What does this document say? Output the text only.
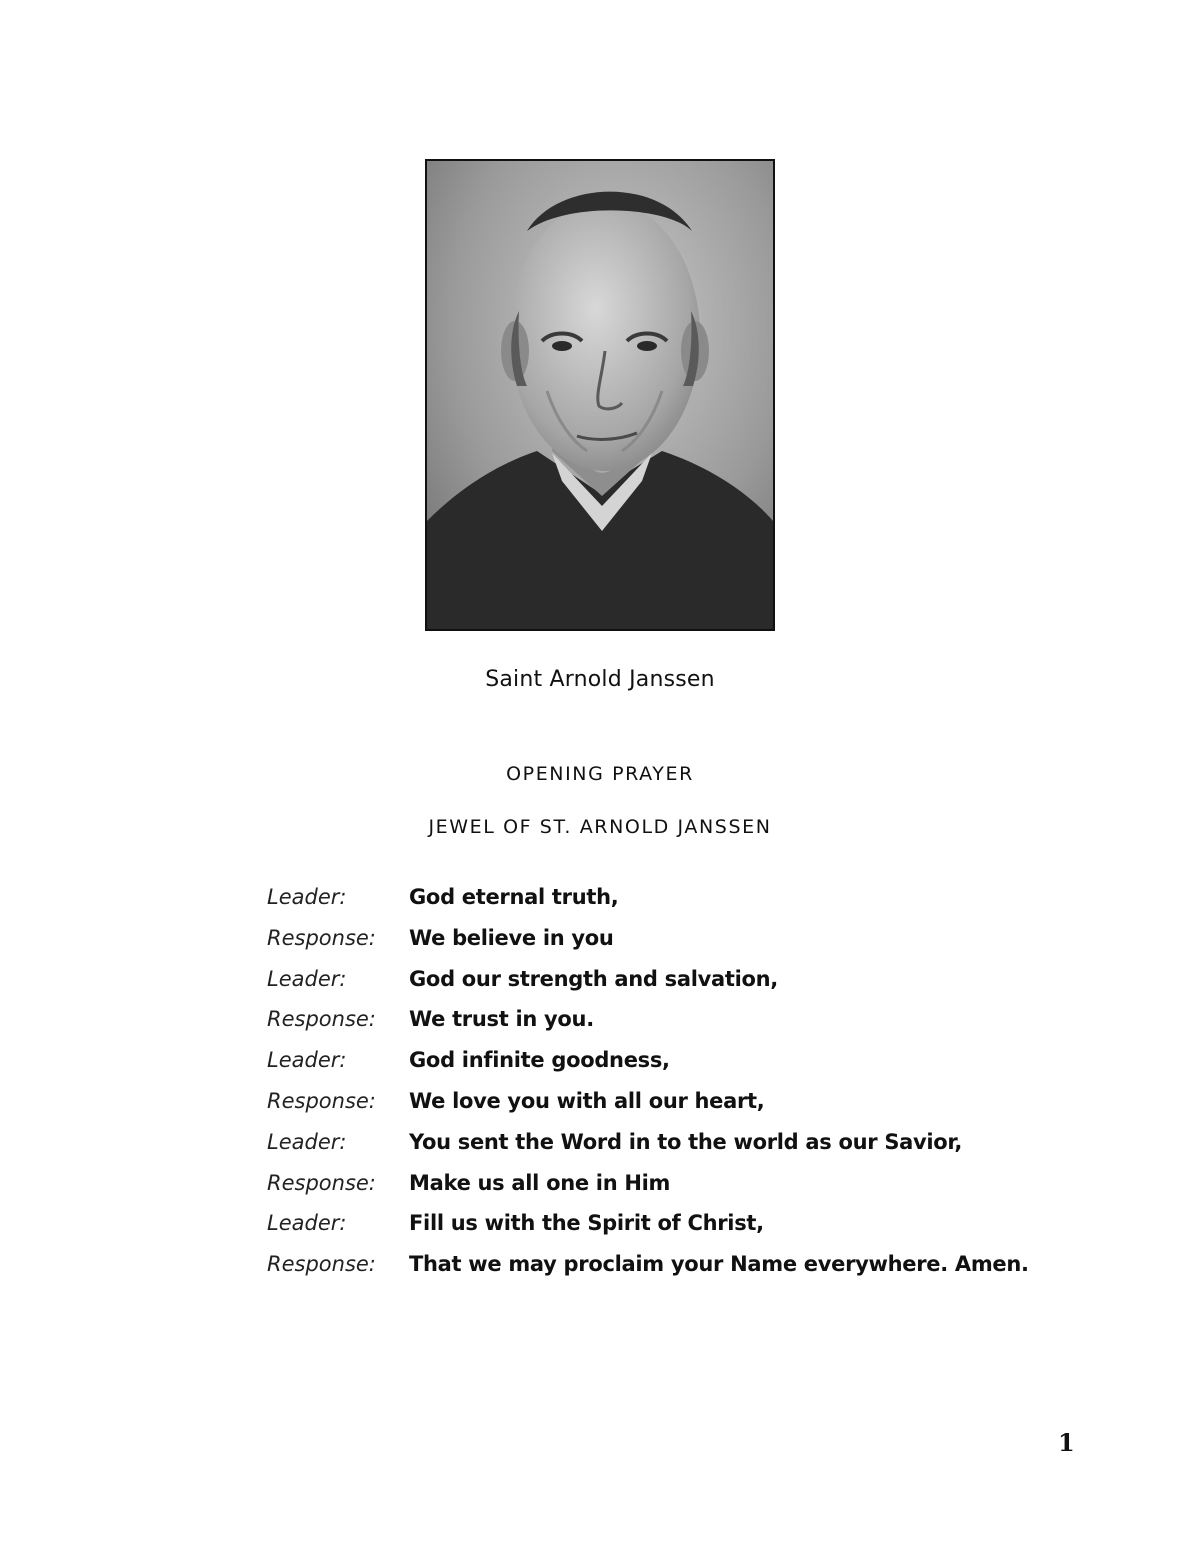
Saint Arnold Janssen
OPENING PRAYER
JEWEL OF ST. ARNOLD JANSSEN
Leader:	God eternal truth,
Response:	We believe in you
Leader:	God our strength and salvation,
Response:	We trust in you.
Leader:	God infinite goodness,
Response:	We love you with all our heart,
Leader:	You sent the Word in to the world as our Savior,
Response:	Make us all one in Him
Leader:	Fill us with the Spirit of Christ,
Response:	That we may proclaim your Name everywhere. Amen.
1
